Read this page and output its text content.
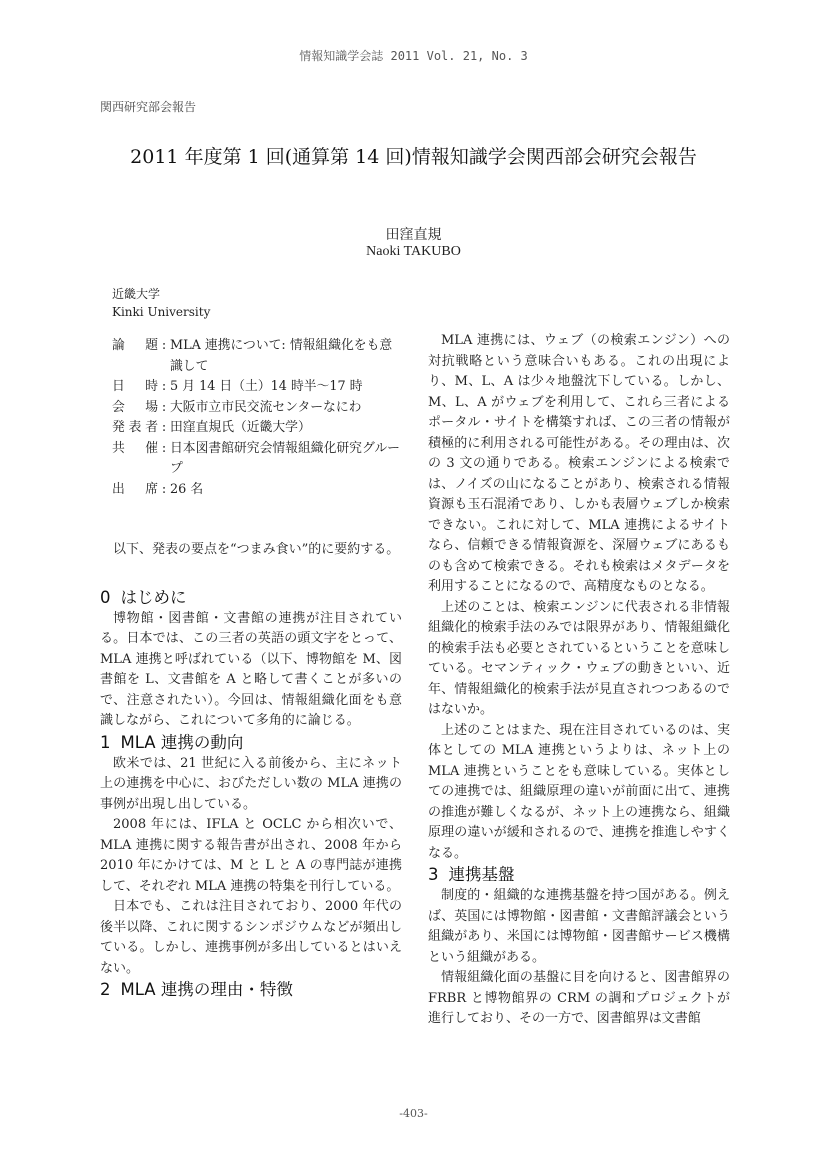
情報知識学会誌 2011 Vol. 21, No. 3
関西研究部会報告
2011 年度第 1 回(通算第 14 回)情報知識学会関西部会研究会報告
田窪直規
Naoki TAKUBO
近畿大学
Kinki University
論 題 : MLA 連携について: 情報組織化をも意識して
日 時 : 5 月 14 日（土）14 時半〜17 時
会 場 : 大阪市立市民交流センターなにわ
発表者 : 田窪直規氏（近畿大学）
共 催 : 日本図書館研究会情報組織化研究グループ
出 席 : 26 名

以下、発表の要点を“つまみ食い”的に要約する。

0 はじめに

博物館・図書館・文書館の連携が注目されている。日本では、この三者の英語の頭文字をとって、MLA 連携と呼ばれている（以下、博物館を M、図書館を L、文書館を A と略して書くことが多いので、注意されたい）。今回は、情報組織化面をも意識しながら、これについて多角的に論じる。

1 MLA 連携の動向

欧米では、21 世紀に入る前後から、主にネット上の連携を中心に、おびただしい数の MLA 連携の事例が出現し出している。

2008 年には、IFLA と OCLC から相次いで、MLA 連携に関する報告書が出され、2008 年から 2010 年にかけては、M と L と A の専門誌が連携して、それぞれ MLA 連携の特集を刊行している。

日本でも、これは注目されており、2000 年代の後半以降、これに関するシンポジウムなどが頻出している。しかし、連携事例が多出しているとはいえない。

2 MLA 連携の理由・特徴

MLA 連携には、ウェブ（の検索エンジン）への対抗戦略という意味合いもある。これの出現により、M、L、A は少々地盤沈下している。しかし、M、L、A がウェブを利用して、これら三者によるポータル・サイトを構築すれば、この三者の情報が積極的に利用される可能性がある。その理由は、次の 3 文の通りである。検索エンジンによる検索では、ノイズの山になることがあり、検索される情報資源も玉石混淆であり、しかも表層ウェブしか検索できない。これに対して、MLA 連携によるサイトなら、信頼できる情報資源を、深層ウェブにあるものも含めて検索できる。それも検索はメタデータを利用することになるので、高精度なものとなる。

上述のことは、検索エンジンに代表される非情報組織化的検索手法のみでは限界があり、情報組織化的検索手法も必要とされているということを意味している。セマンティック・ウェブの動きといい、近年、情報組織化的検索手法が見直されつつあるのではないか。

上述のことはまた、現在注目されているのは、実体としての MLA 連携というよりは、ネット上の MLA 連携ということをも意味している。実体としての連携では、組織原理の違いが前面に出て、連携の推進が難しくなるが、ネット上の連携なら、組織原理の違いが緩和されるので、連携を推進しやすくなる。

3 連携基盤

制度的・組織的な連携基盤を持つ国がある。例えば、英国には博物館・図書館・文書館評議会という組織があり、米国には博物館・図書館サービス機構という組織がある。

情報組織化面の基盤に目を向けると、図書館界の FRBR と博物館界の CRM の調和プロジェクトが進行しており、その一方で、図書館界は文書館

-403-
